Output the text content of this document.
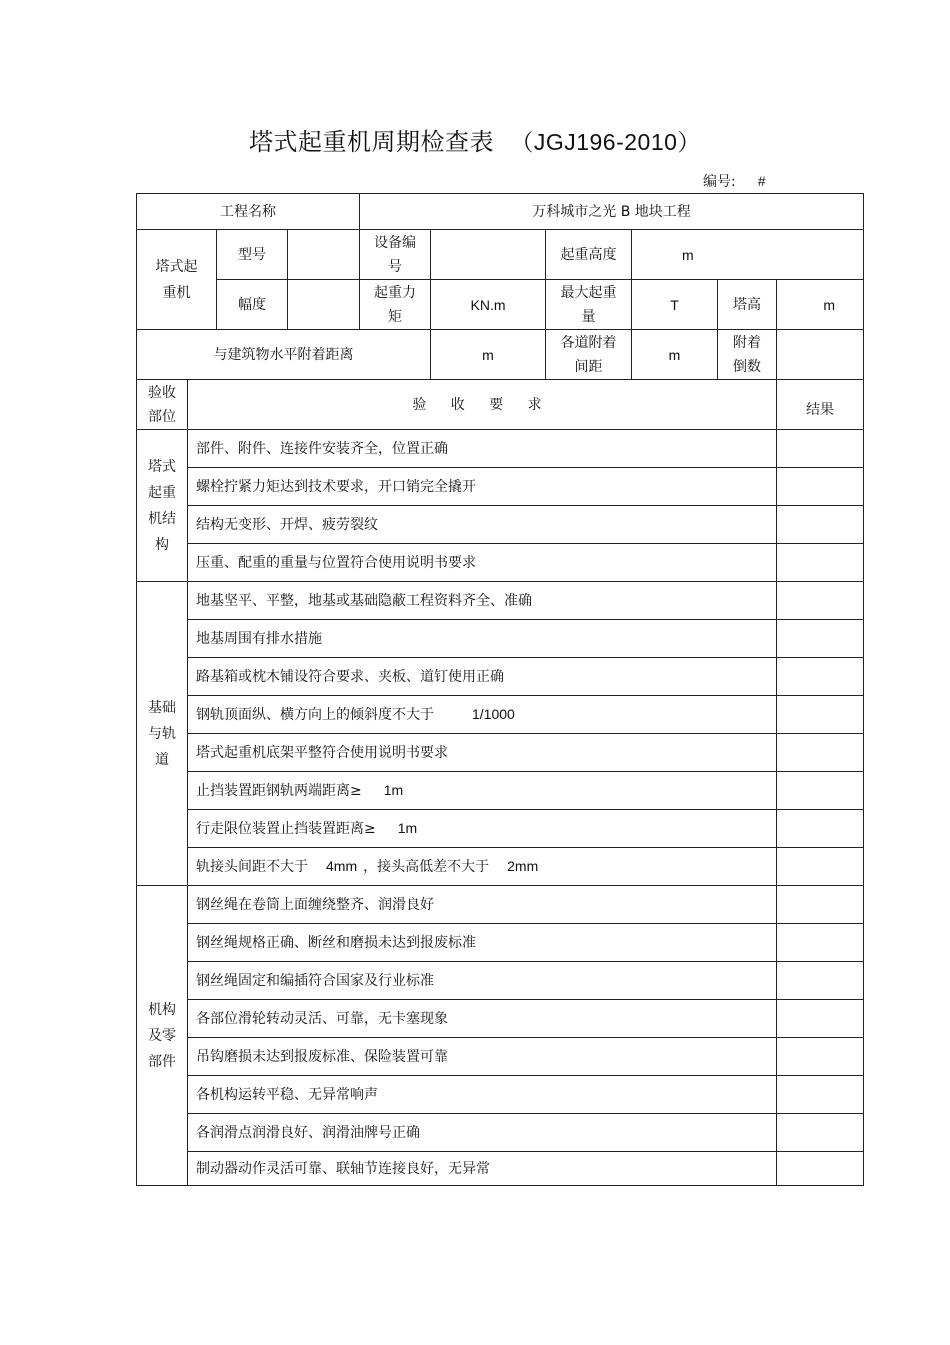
塔式起重机周期检查表 （JGJ196-2010）
编号: #
工程名称				万科城市之光 B 地块工程					

塔式起重机		型号		设备编号		起重高度	m		
		幅度		起重力矩	KN.m	最大起重量	T	塔高	m
与建筑物水平附着距离					m	各道附着间距	m	附着倒数	

验收部位	验 收 要 求								结果

塔式起重机结构	部件、附件、连接件安装齐全，位置正确								
	螺栓拧紧力矩达到技术要求，开口销完全撬开								
	结构无变形、开焊、疲劳裂纹								
	压重、配重的重量与位置符合使用说明书要求								

基础与轨道	地基坚平、平整，地基或基础隐蔽工程资料齐全、准确								
	地基周围有排水措施								
	路基箱或枕木铺设符合要求、夹板、道钉使用正确								
	钢轨顶面纵、横方向上的倾斜度不大于 1/1000								
	塔式起重机底架平整符合使用说明书要求								
	止挡装置距钢轨两端距离≥ 1m								
	行走限位装置止挡装置距离≥ 1m								
	轨接头间距不大于 4mm ，接头高低差不大于 2mm								

机构及零部件	钢丝绳在卷筒上面缠绕整齐、润滑良好								
	钢丝绳规格正确、断丝和磨损未达到报废标准								
	钢丝绳固定和编插符合国家及行业标准								
	各部位滑轮转动灵活、可靠，无卡塞现象								
	吊钩磨损未达到报废标准、保险装置可靠								
	各机构运转平稳、无异常响声								
	各润滑点润滑良好、润滑油牌号正确								
	制动器动作灵活可靠、联轴节连接良好，无异常								
